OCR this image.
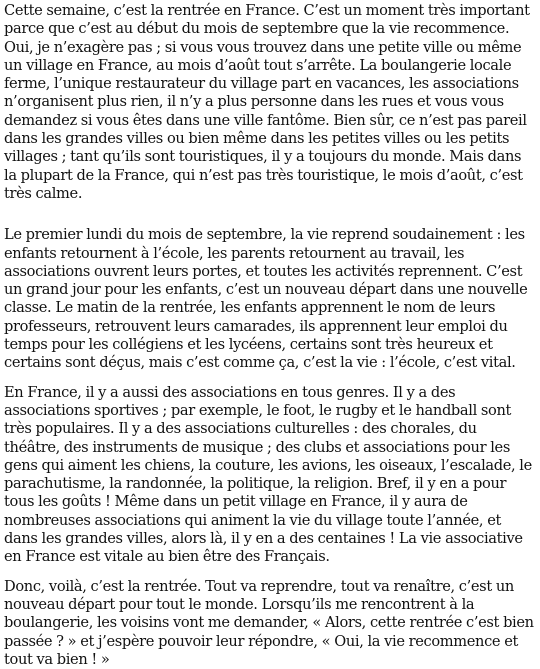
Cette semaine, c’est la rentrée en France. C’est un moment très important parce que c’est au début du mois de septembre que la vie recommence. Oui, je n’exagère pas ; si vous vous trouvez dans une petite ville ou même un village en France, au mois d’août tout s’arrête. La boulangerie locale ferme, l’unique restaurateur du village part en vacances, les associations n’organisent plus rien, il n’y a plus personne dans les rues et vous vous demandez si vous êtes dans une ville fantôme. Bien sûr, ce n’est pas pareil dans les grandes villes ou bien même dans les petites villes ou les petits villages ; tant qu’ils sont touristiques, il y a toujours du monde. Mais dans la plupart de la France, qui n’est pas très touristique, le mois d’août, c’est très calme.

Le premier lundi du mois de septembre, la vie reprend soudainement : les enfants retournent à l’école, les parents retournent au travail, les associations ouvrent leurs portes, et toutes les activités reprennent. C’est un grand jour pour les enfants, c’est un nouveau départ dans une nouvelle classe. Le matin de la rentrée, les enfants apprennent le nom de leurs professeurs, retrouvent leurs camarades, ils apprennent leur emploi du temps pour les collégiens et les lycéens, certains sont très heureux et certains sont déçus, mais c’est comme ça, c’est la vie : l’école, c’est vital.

En France, il y a aussi des associations en tous genres. Il y a des associations sportives ; par exemple, le foot, le rugby et le handball sont très populaires. Il y a des associations culturelles : des chorales, du théâtre, des instruments de musique ; des clubs et associations pour les gens qui aiment les chiens, la couture, les avions, les oiseaux, l’escalade, le parachutisme, la randonnée, la politique, la religion. Bref, il y en a pour tous les goûts ! Même dans un petit village en France, il y aura de nombreuses associations qui animent la vie du village toute l’année, et dans les grandes villes, alors là, il y en a des centaines ! La vie associative en France est vitale au bien être des Français.

Donc, voilà, c’est la rentrée. Tout va reprendre, tout va renaître, c’est un nouveau départ pour tout le monde. Lorsqu’ils me rencontrent à la boulangerie, les voisins vont me demander, « Alors, cette rentrée c’est bien passée ? » et j’espère pouvoir leur répondre, « Oui, la vie recommence et tout va bien ! »
